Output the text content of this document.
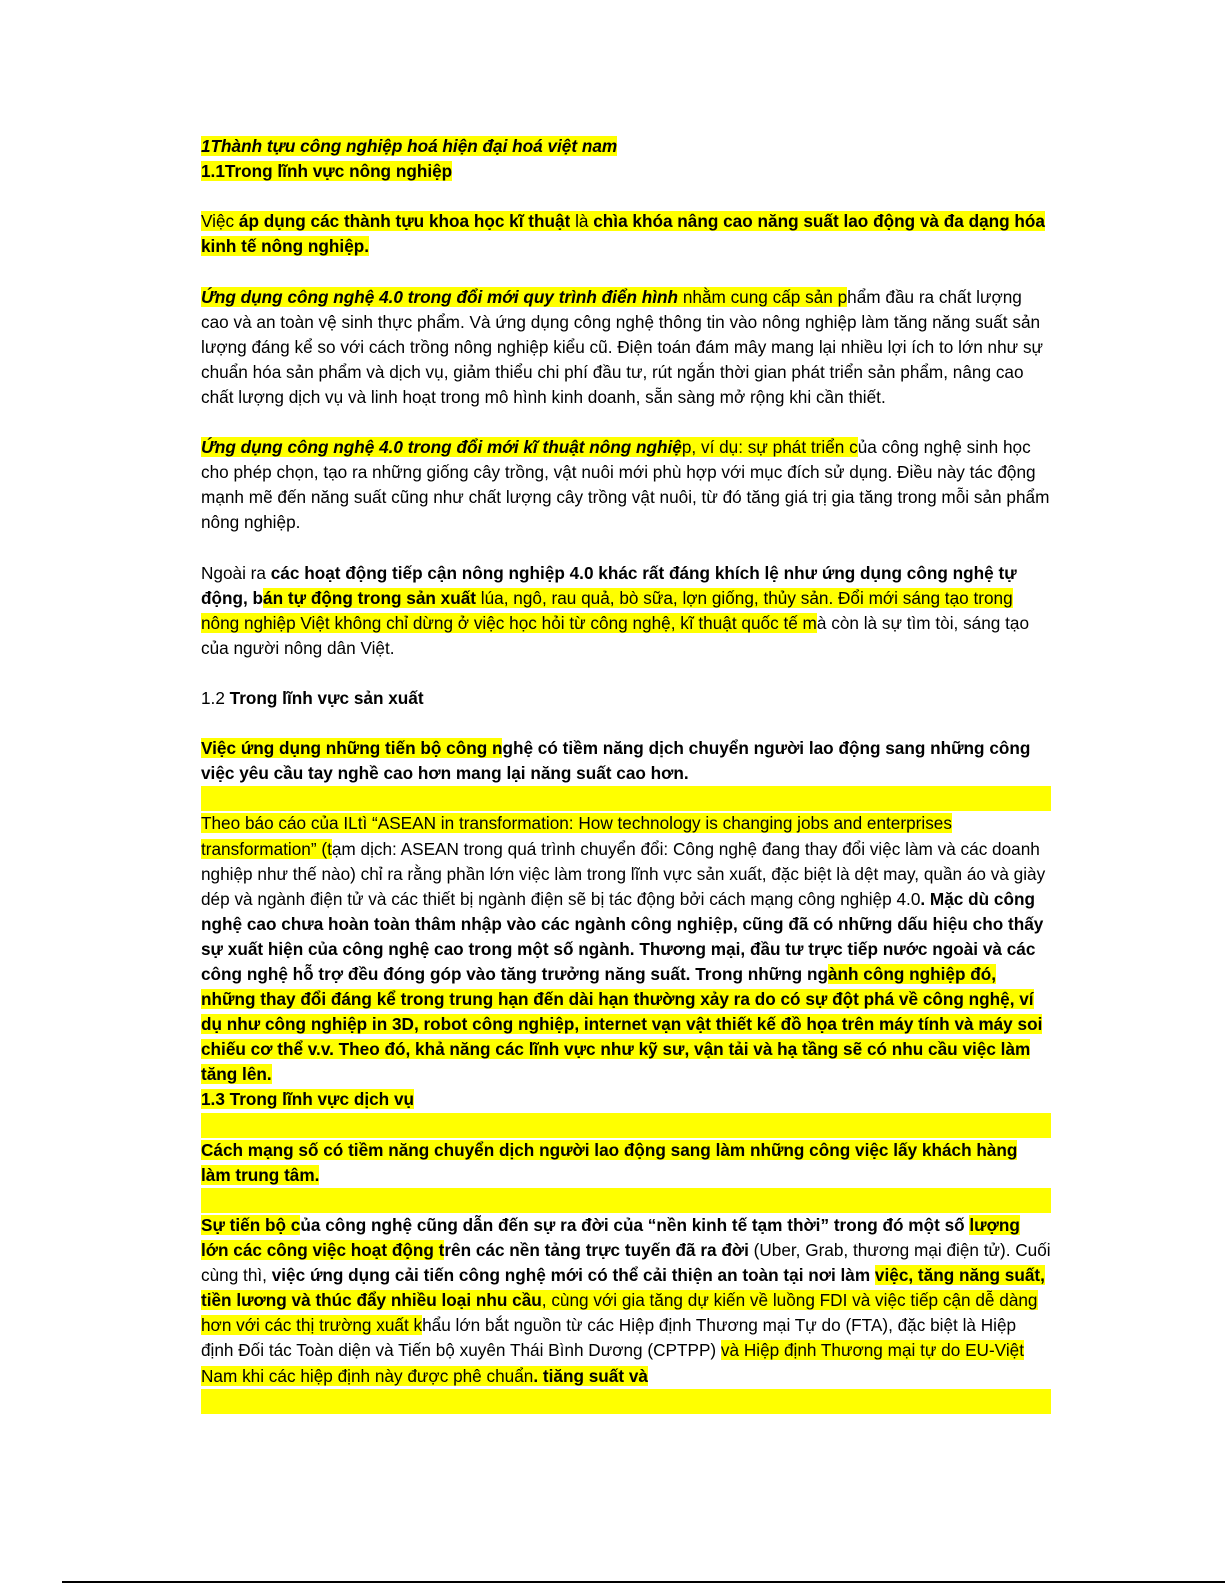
1Thành tựu công nghiệp hoá hiện đại hoá việt nam

1.1Trong lĩnh vực nông nghiệp

Việc áp dụng các thành tựu khoa học kĩ thuật là chìa khóa nâng cao năng suất lao động và đa dạng hóa kinh tế nông nghiệp.

Ứng dụng công nghệ 4.0 trong đổi mới quy trình điển hình nhằm cung cấp sản phẩm đầu ra chất lượng cao và an toàn vệ sinh thực phẩm. Và ứng dụng công nghệ thông tin vào nông nghiệp làm tăng năng suất sản lượng đáng kể so với cách trồng nông nghiệp kiểu cũ. Điện toán đám mây mang lại nhiều lợi ích to lớn như sự chuẩn hóa sản phẩm và dịch vụ, giảm thiểu chi phí đầu tư, rút ngắn thời gian phát triển sản phẩm, nâng cao chất lượng dịch vụ và linh hoạt trong mô hình kinh doanh, sẵn sàng mở rộng khi cần thiết.

Ứng dụng công nghệ 4.0 trong đổi mới kĩ thuật nông nghiệp, ví dụ: sự phát triển của công nghệ sinh học cho phép chọn, tạo ra những giống cây trồng, vật nuôi mới phù hợp với mục đích sử dụng. Điều này tác động mạnh mẽ đến năng suất cũng như chất lượng cây trồng vật nuôi, từ đó tăng giá trị gia tăng trong mỗi sản phẩm nông nghiệp.

Ngoài ra các hoạt động tiếp cận nông nghiệp 4.0 khác rất đáng khích lệ như ứng dụng công nghệ tự động, bán tự động trong sản xuất lúa, ngô, rau quả, bò sữa, lợn giống, thủy sản. Đổi mới sáng tạo trong nông nghiệp Việt không chỉ dừng ở việc học hỏi từ công nghệ, kĩ thuật quốc tế mà còn là sự tìm tòi, sáng tạo của người nông dân Việt.

1.2 Trong lĩnh vực sản xuất

Việc ứng dụng những tiến bộ công nghệ có tiềm năng dịch chuyển người lao động sang những công việc yêu cầu tay nghề cao hơn mang lại năng suất cao hơn.

Theo báo cáo của ILtì “ASEAN in transformation: How technology is changing jobs and enterprises transformation” (tạm dịch: ASEAN trong quá trình chuyển đổi: Công nghệ đang thay đổi việc làm và các doanh nghiệp như thế nào) chỉ ra rằng phần lớn việc làm trong lĩnh vực sản xuất, đặc biệt là dệt may, quần áo và giày dép và ngành điện tử và các thiết bị ngành điện sẽ bị tác động bởi cách mạng công nghiệp 4.0. Mặc dù công nghệ cao chưa hoàn toàn thâm nhập vào các ngành công nghiệp, cũng đã có những dấu hiệu cho thấy sự xuất hiện của công nghệ cao trong một số ngành. Thương mại, đầu tư trực tiếp nước ngoài và các công nghệ hỗ trợ đều đóng góp vào tăng trưởng năng suất. Trong những ngành công nghiệp đó, những thay đổi đáng kể trong trung hạn đến dài hạn thường xảy ra do có sự đột phá về công nghệ, ví dụ như công nghiệp in 3D, robot công nghiệp, internet vạn vật thiết kế đồ họa trên máy tính và máy soi chiếu cơ thể v.v. Theo đó, khả năng các lĩnh vực như kỹ sư, vận tải và hạ tầng sẽ có nhu cầu việc làm tăng lên.

1.3 Trong lĩnh vực dịch vụ

Cách mạng số có tiềm năng chuyển dịch người lao động sang làm những công việc lấy khách hàng làm trung tâm.

Sự tiến bộ của công nghệ cũng dẫn đến sự ra đời của “nền kinh tế tạm thời” trong đó một số lượng lớn các công việc hoạt động trên các nền tảng trực tuyến đã ra đời (Uber, Grab, thương mại điện tử). Cuối cùng thì, việc ứng dụng cải tiến công nghệ mới có thể cải thiện an toàn tại nơi làm việc, tăng năng suất, tiền lương và thúc đẩy nhiều loại nhu cầu, cùng với gia tăng dự kiến về luồng FDI và việc tiếp cận dễ dàng hơn với các thị trường xuất khẩu lớn bắt nguồn từ các Hiệp định Thương mại Tự do (FTA), đặc biệt là Hiệp định Đối tác Toàn diện và Tiến bộ xuyên Thái Bình Dương (CPTPP) và Hiệp định Thương mại tự do EU-Việt Nam khi các hiệp định này được phê chuẩn. tiăng suất và
